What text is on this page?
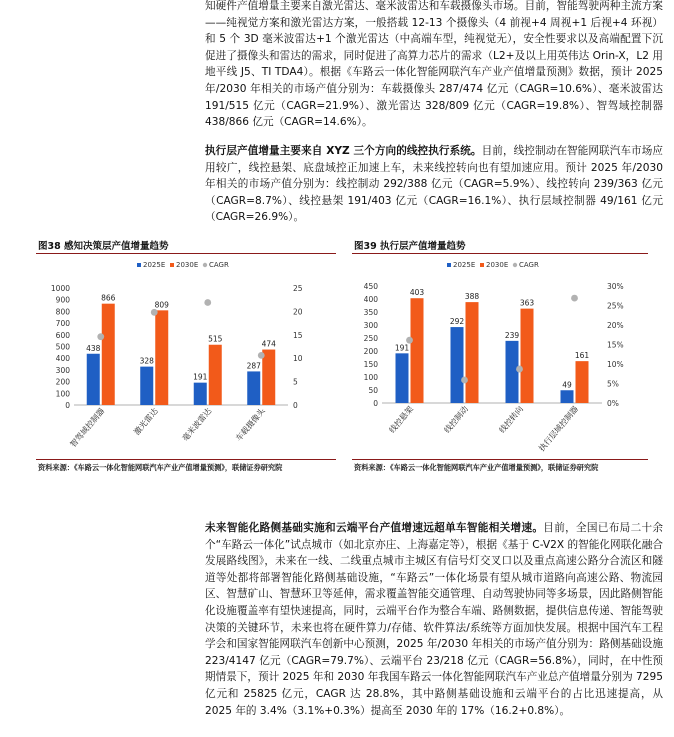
知硬件产值增量主要来自激光雷达、毫米波雷达和车载摄像头市场。目前，智能驾驶两种主流方案——纯视觉方案和激光雷达方案，一般搭载 12-13 个摄像头（4 前视+4 周视+1 后视+4 环视）和 5 个 3D 毫米波雷达+1 个激光雷达（中高端车型，纯视觉无），安全性要求以及高端配置下沉促进了摄像头和雷达的需求，同时促进了高算力芯片的需求（L2+及以上用英伟达 Orin-X，L2 用地平线 J5、TI TDA4）。根据《车路云一体化智能网联汽车产业产值增量预测》数据，预计 2025 年/2030 年相关的市场产值分别为：车载摄像头 287/474 亿元（CAGR=10.6%）、毫米波雷达 191/515 亿元（CAGR=21.9%）、激光雷达 328/809 亿元（CAGR=19.8%）、智驾域控制器 438/866 亿元（CAGR=14.6%）。

执行层产值增量主要来自 XYZ 三个方向的线控执行系统。目前，线控制动在智能网联汽车市场应用较广，线控悬架、底盘域控正加速上车，未来线控转向也有望加速应用。预计 2025 年/2030 年相关的市场产值分别为：线控制动 292/388 亿元（CAGR=5.9%）、线控转向 239/363 亿元（CAGR=8.7%）、线控悬架 191/403 亿元（CAGR=16.1%）、执行层域控制器 49/161 亿元（CAGR=26.9%）。

图38 感知决策层产值增量趋势	图39 执行层产值增量趋势
0
100
200
300
400
500
600
700
800
900
1000
0
5
10
15
20
25
438
866
智驾域控制器
328
809
激光雷达
191
515
毫米波雷达
287
474
车载摄像头
2025E 2030E CAGR
0
50
100
150
200
250
300
350
400
450
0%
5%
10%
15%
20%
25%
30%
191
403
线控悬架
292
388
线控制动
239
363
线控转向
49
161
执行层域控制器
2025E 2030E CAGR
资料来源：《车路云一体化智能网联汽车产业产值增量预测》，联储证券研究院	资料来源：《车路云一体化智能网联汽车产业产值增量预测》，联储证券研究院

未来智能化路侧基础实施和云端平台产值增速远超单车智能相关增速。目前，全国已布局二十余个“车路云一体化”试点城市（如北京亦庄、上海嘉定等），根据《基于 C-V2X 的智能化网联化融合发展路线图》，未来在一线、二线重点城市主城区有信号灯交叉口以及重点高速公路分合流区和隧道等处都将部署智能化路侧基础设施，“车路云”一体化场景有望从城市道路向高速公路、物流园区、智慧矿山、智慧环卫等延伸，需求覆盖智能交通管理、自动驾驶协同等多场景，因此路侧智能化设施覆盖率有望快速提高，同时，云端平台作为整合车端、路侧数据，提供信息传递、智能驾驶决策的关键环节，未来也将在硬件算力/存储、软件算法/系统等方面加快发展。根据中国汽车工程学会和国家智能网联汽车创新中心预测，2025 年/2030 年相关的市场产值分别为：路侧基础设施 223/4147 亿元（CAGR=79.7%）、云端平台 23/218 亿元（CAGR=56.8%），同时，在中性预期情景下，预计 2025 年和 2030 年我国车路云一体化智能网联汽车产业总产值增量分别为 7295 亿元和 25825 亿元，CAGR 达 28.8%，其中路侧基础设施和云端平台的占比迅速提高，从 2025 年的 3.4%（3.1%+0.3%）提高至 2030 年的 17%（16.2+0.8%）。
